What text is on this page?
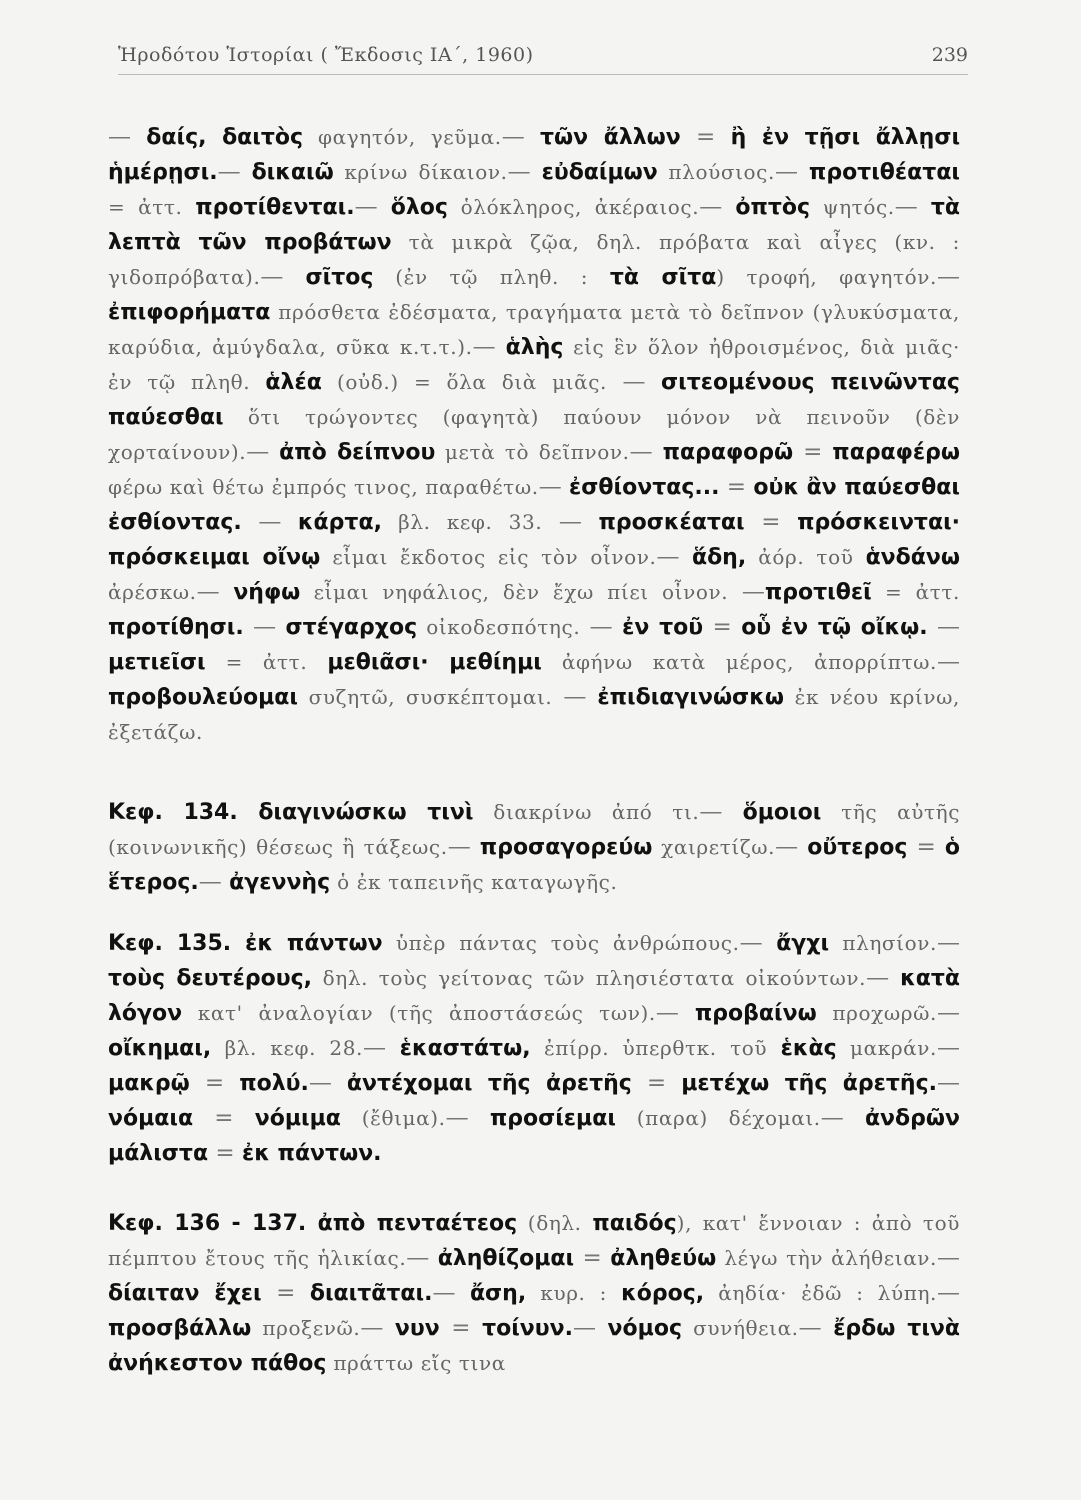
Ἡροδότου Ἱστορίαι ( Ἔκδοσις ΙΑ΄, 1960)	239

— δαίς, δαιτὸς φαγητόν, γεῦμα.— τῶν ἄλλων = ἢ ἐν τῇσι ἄλλῃσι ἡμέρῃσι.— δικαιῶ κρίνω δίκαιον.— εὐδαίμων πλούσιος.— προτιθέαται = ἀττ. προτίθενται.— ὅλος ὁλόκληρος, ἀκέραιος.— ὀπτὸς ψητός.— τὰ λεπτὰ τῶν προβάτων τὰ μικρὰ ζῷα, δηλ. πρόβατα καὶ αἶγες (κν. : γιδοπρόβατα).— σῖτος (ἐν τῷ πληθ. : τὰ σῖτα) τροφή, φαγητόν.— ἐπιφορήματα πρόσθετα ἐδέσματα, τραγήματα μετὰ τὸ δεῖπνον (γλυκύσματα, καρύδια, ἀμύγδαλα, σῦκα κ.τ.τ.).— ἁλὴς εἰς ἓν ὅλον ἠθροισμένος, διὰ μιᾶς· ἐν τῷ πληθ. ἁλέα (οὐδ.) = ὅλα διὰ μιᾶς. — σιτεομένους πεινῶντας παύεσθαι ὅτι τρώγοντες (φαγητὰ) παύουν μόνον νὰ πεινοῦν (δὲν χορταίνουν).— ἀπὸ δείπνου μετὰ τὸ δεῖπνον.— παραφορῶ = παραφέρω φέρω καὶ θέτω ἐμπρός τινος, παραθέτω.— ἐσθίοντας... = οὐκ ἂν παύεσθαι ἐσθίοντας. — κάρτα, βλ. κεφ. 33. — προσκέαται = πρόσκεινται· πρόσκειμαι οἴνῳ εἶμαι ἔκδοτος εἰς τὸν οἶνον.— ἅδη, ἀόρ. τοῦ ἁνδάνω ἀρέσκω.— νήφω εἶμαι νηφάλιος, δὲν ἔχω πίει οἶνον. —προτιθεῖ = ἀττ. προτίθησι. — στέγαρχος οἰκοδεσπότης. — ἐν τοῦ = οὗ ἐν τῷ οἴκῳ. — μετιεῖσι = ἀττ. μεθιᾶσι· μεθίημι ἀφήνω κατὰ μέρος, ἀπορρίπτω.— προβουλεύομαι συζητῶ, συσκέπτομαι. — ἐπιδιαγινώσκω ἐκ νέου κρίνω, ἐξετάζω.

Κεφ. 134. διαγινώσκω τινὶ διακρίνω ἀπό τι.— ὅμοιοι τῆς αὐτῆς (κοινωνικῆς) θέσεως ἢ τάξεως.— προσαγορεύω χαιρετίζω.— οὔτερος = ὁ ἕτερος.— ἀγεννὴς ὁ ἐκ ταπεινῆς καταγωγῆς.

Κεφ. 135. ἐκ πάντων ὑπὲρ πάντας τοὺς ἀνθρώπους.— ἄγχι πλησίον.— τοὺς δευτέρους, δηλ. τοὺς γείτονας τῶν πλησιέστατα οἰκούντων.— κατὰ λόγον κατ' ἀναλογίαν (τῆς ἀποστάσεώς των).— προβαίνω προχωρῶ.— οἴκημαι, βλ. κεφ. 28.— ἑκαστάτω, ἐπίρρ. ὑπερθτκ. τοῦ ἑκὰς μακράν.— μακρῷ = πολύ.— ἀντέχομαι τῆς ἀρετῆς = μετέχω τῆς ἀρετῆς.— νόμαια = νόμιμα (ἔθιμα).— προσίεμαι (παρα) δέχομαι.— ἀνδρῶν μάλιστα = ἐκ πάντων.

Κεφ. 136 - 137. ἀπὸ πενταέτεος (δηλ. παιδός), κατ' ἔννοιαν : ἀπὸ τοῦ πέμπτου ἔτους τῆς ἡλικίας.— ἀληθίζομαι = ἀληθεύω λέγω τὴν ἀλήθειαν.— δίαιταν ἔχει = διαιτᾶται.— ἄση, κυρ. : κόρος, ἀηδία· ἐδῶ : λύπη.— προσβάλλω προξενῶ.— νυν = τοίνυν.— νόμος συνήθεια.— ἔρδω τινὰ ἀνήκεστον πάθος πράττω εἴς τινα
